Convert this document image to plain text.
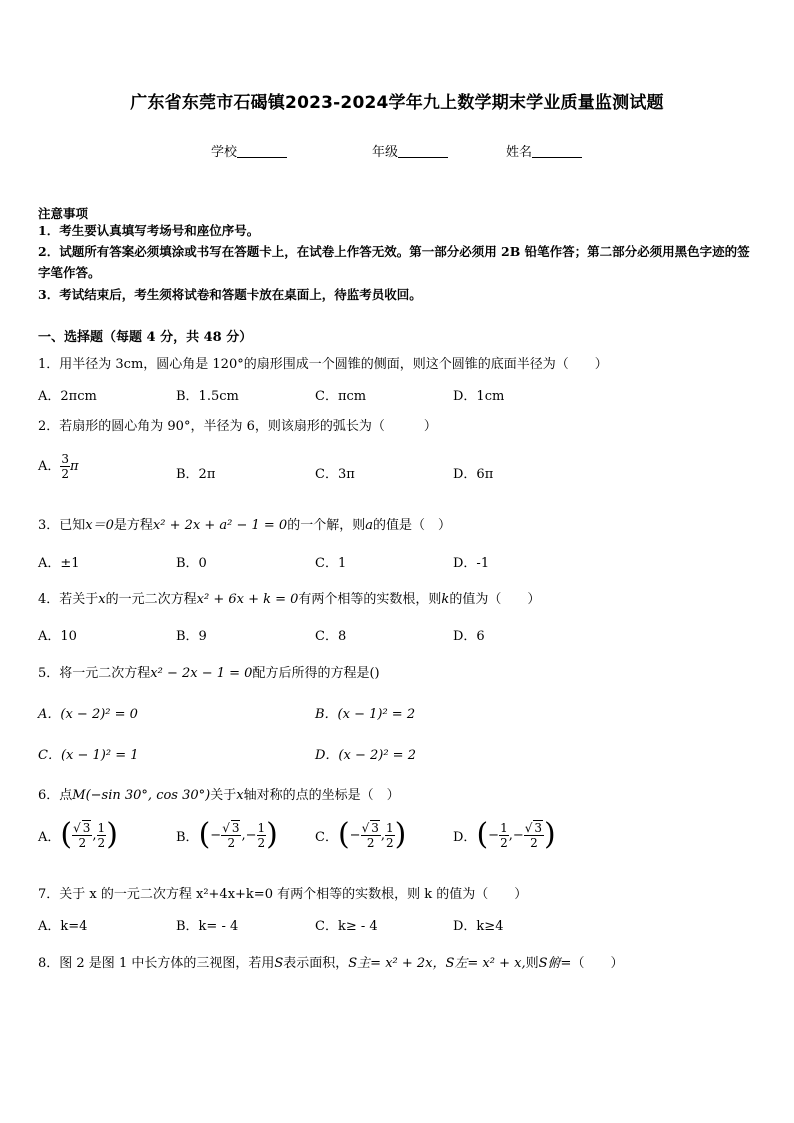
广东省东莞市石碣镇2023-2024学年九上数学期末学业质量监测试题
学校	年级	姓名
注意事项
1．考生要认真填写考场号和座位序号。
2．试题所有答案必须填涂或书写在答题卡上，在试卷上作答无效。第一部分必须用 2B 铅笔作答；第二部分必须用黑色字迹的签字笔作答。
3．考试结束后，考生须将试卷和答题卡放在桌面上，待监考员收回。
一、选择题（每题 4 分，共 48 分）
1．用半径为 3cm，圆心角是 120°的扇形围成一个圆锥的侧面，则这个圆锥的底面半径为（　　）
A．2πcm	B．1.5cm	C．πcm	D．1cm
2．若扇形的圆心角为 90°，半径为 6，则该扇形的弧长为（　　　）
A． $\frac{3}{2}$ π
B．2π	C．3π	D．6π
3．已知x＝0是方程x² + 2x + a² − 1 = 0的一个解，则a的值是（　）
A．±1	B．0	C．1	D．-1
4．若关于x的一元二次方程x² + 6x + k = 0有两个相等的实数根，则k的值为（　　）
A．10	B．9	C．8	D．6
5．将一元二次方程x² − 2x − 1 = 0配方后所得的方程是()
A．(x − 2)² = 0	B．(x − 1)² = 2
C．(x − 1)² = 1	D．(x − 2)² = 2
6．点M(−sin 30°, cos 30°)关于x轴对称的点的坐标是（　）
A． ( $\frac{√ 3}{2}$ , $\frac{1}{2}$ )	B． ( − $\frac{√ 3}{2}$ , − $\frac{1}{2}$ )	C． ( − $\frac{√ 3}{2}$ , $\frac{1}{2}$ )	D． ( − $\frac{1}{2}$ , − $\frac{√ 3}{2}$ )
7．关于 x 的一元二次方程 x²+4x+k=0 有两个相等的实数根，则 k 的值为（　　）
A．k=4	B．k= - 4	C．k≥ - 4	D．k≥4
8．图 2 是图 1 中长方体的三视图，若用S表示面积，S主= x² + 2x，S左= x² + x,则S俯=（　　）
